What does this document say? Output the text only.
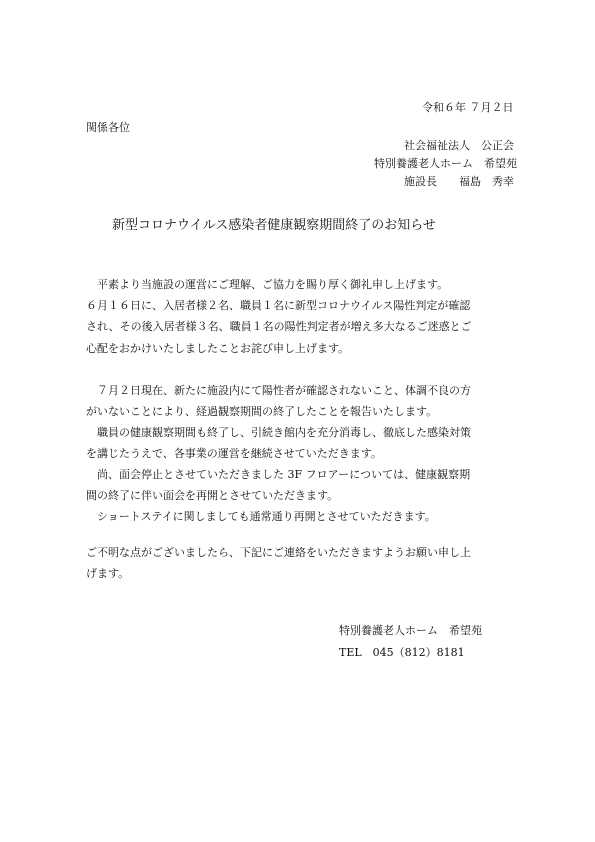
令和６年 ７月２日
関係各位
社会福祉法人　公正会
特別養護老人ホーム　希望苑
施設長　　福島　秀幸
新型コロナウイルス感染者健康観察期間終了のお知らせ
　平素より当施設の運営にご理解、ご協力を賜り厚く御礼申し上げます。
６月１６日に、入居者様２名、職員１名に新型コロナウイルス陽性判定が確認
され、その後入居者様３名、職員１名の陽性判定者が増え多大なるご迷惑とご
心配をおかけいたしましたことお詫び申し上げます。
　７月２日現在、新たに施設内にて陽性者が確認されないこと、体調不良の方
がいないことにより、経過観察期間の終了したことを報告いたします。
　職員の健康観察期間も終了し、引続き館内を充分消毒し、徹底した感染対策
を講じたうえで、各事業の運営を継続させていただきます。
　尚、面会停止とさせていただきました 3F フロアーについては、健康観察期
間の終了に伴い面会を再開とさせていただきます。
　ショートステイに関しましても通常通り再開とさせていただきます。
ご不明な点がございましたら、下記にご連絡をいただきますようお願い申し上
げます。
特別養護老人ホーム　希望苑
TEL　045（812）8181
